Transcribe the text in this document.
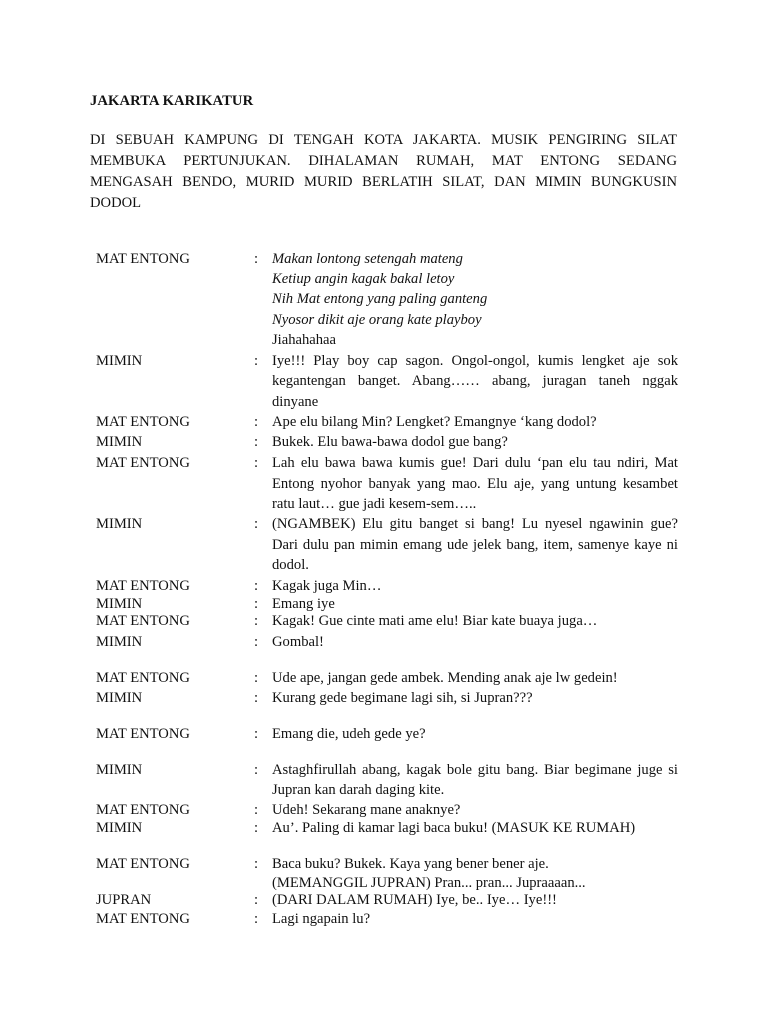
JAKARTA KARIKATUR
DI SEBUAH KAMPUNG DI TENGAH KOTA JAKARTA. MUSIK PENGIRING SILAT MEMBUKA PERTUNJUKAN. DIHALAMAN RUMAH, MAT ENTONG SEDANG MENGASAH BENDO, MURID MURID BERLATIH SILAT, DAN MIMIN BUNGKUSIN DODOL
MAT ENTONG	: Makan lontong setengah mateng
Ketiup angin kagak bakal letoy
Nih Mat entong yang paling ganteng
Nyosor dikit aje orang kate playboy
Jiahahahaa
MIMIN	: Iye!!! Play boy cap sagon. Ongol-ongol, kumis lengket aje sok
kegantengan banget. Abang…… abang, juragan taneh nggak
dinyane
MAT ENTONG	: Ape elu bilang Min? Lengket? Emangnye ‘kang dodol?
MIMIN	: Bukek. Elu bawa-bawa dodol gue bang?
MAT ENTONG	: Lah elu bawa bawa kumis gue! Dari dulu ‘pan elu tau ndiri, Mat
Entong nyohor banyak yang mao. Elu aje, yang untung kesambet
ratu laut… gue jadi kesem-sem…..
MIMIN	: (NGAMBEK) Elu gitu banget si bang! Lu nyesel ngawinin gue?
Dari dulu pan mimin emang ude jelek bang, item, samenye kaye ni
dodol.
MAT ENTONG	: Kagak juga Min…
MIMIN	: Emang iye
MAT ENTONG	: Kagak! Gue cinte mati ame elu! Biar kate buaya juga…
MIMIN	: Gombal!
MAT ENTONG	: Ude ape, jangan gede ambek. Mending anak aje lw gedein!
MIMIN	: Kurang gede begimane lagi sih, si Jupran???
MAT ENTONG	: Emang die, udeh gede ye?
MIMIN	: Astaghfirullah abang, kagak bole gitu bang. Biar begimane juge si
Jupran kan darah daging kite.
MAT ENTONG	: Udeh! Sekarang mane anaknye?
MIMIN	: Au’. Paling di kamar lagi baca buku! (MASUK KE RUMAH)
MAT ENTONG	: Baca buku? Bukek. Kaya yang bener bener aje.
(MEMANGGIL JUPRAN) Pran... pran... Jupraaaan...
JUPRAN	: (DARI DALAM RUMAH) Iye, be.. Iye… Iye!!!
MAT ENTONG	: Lagi ngapain lu?
